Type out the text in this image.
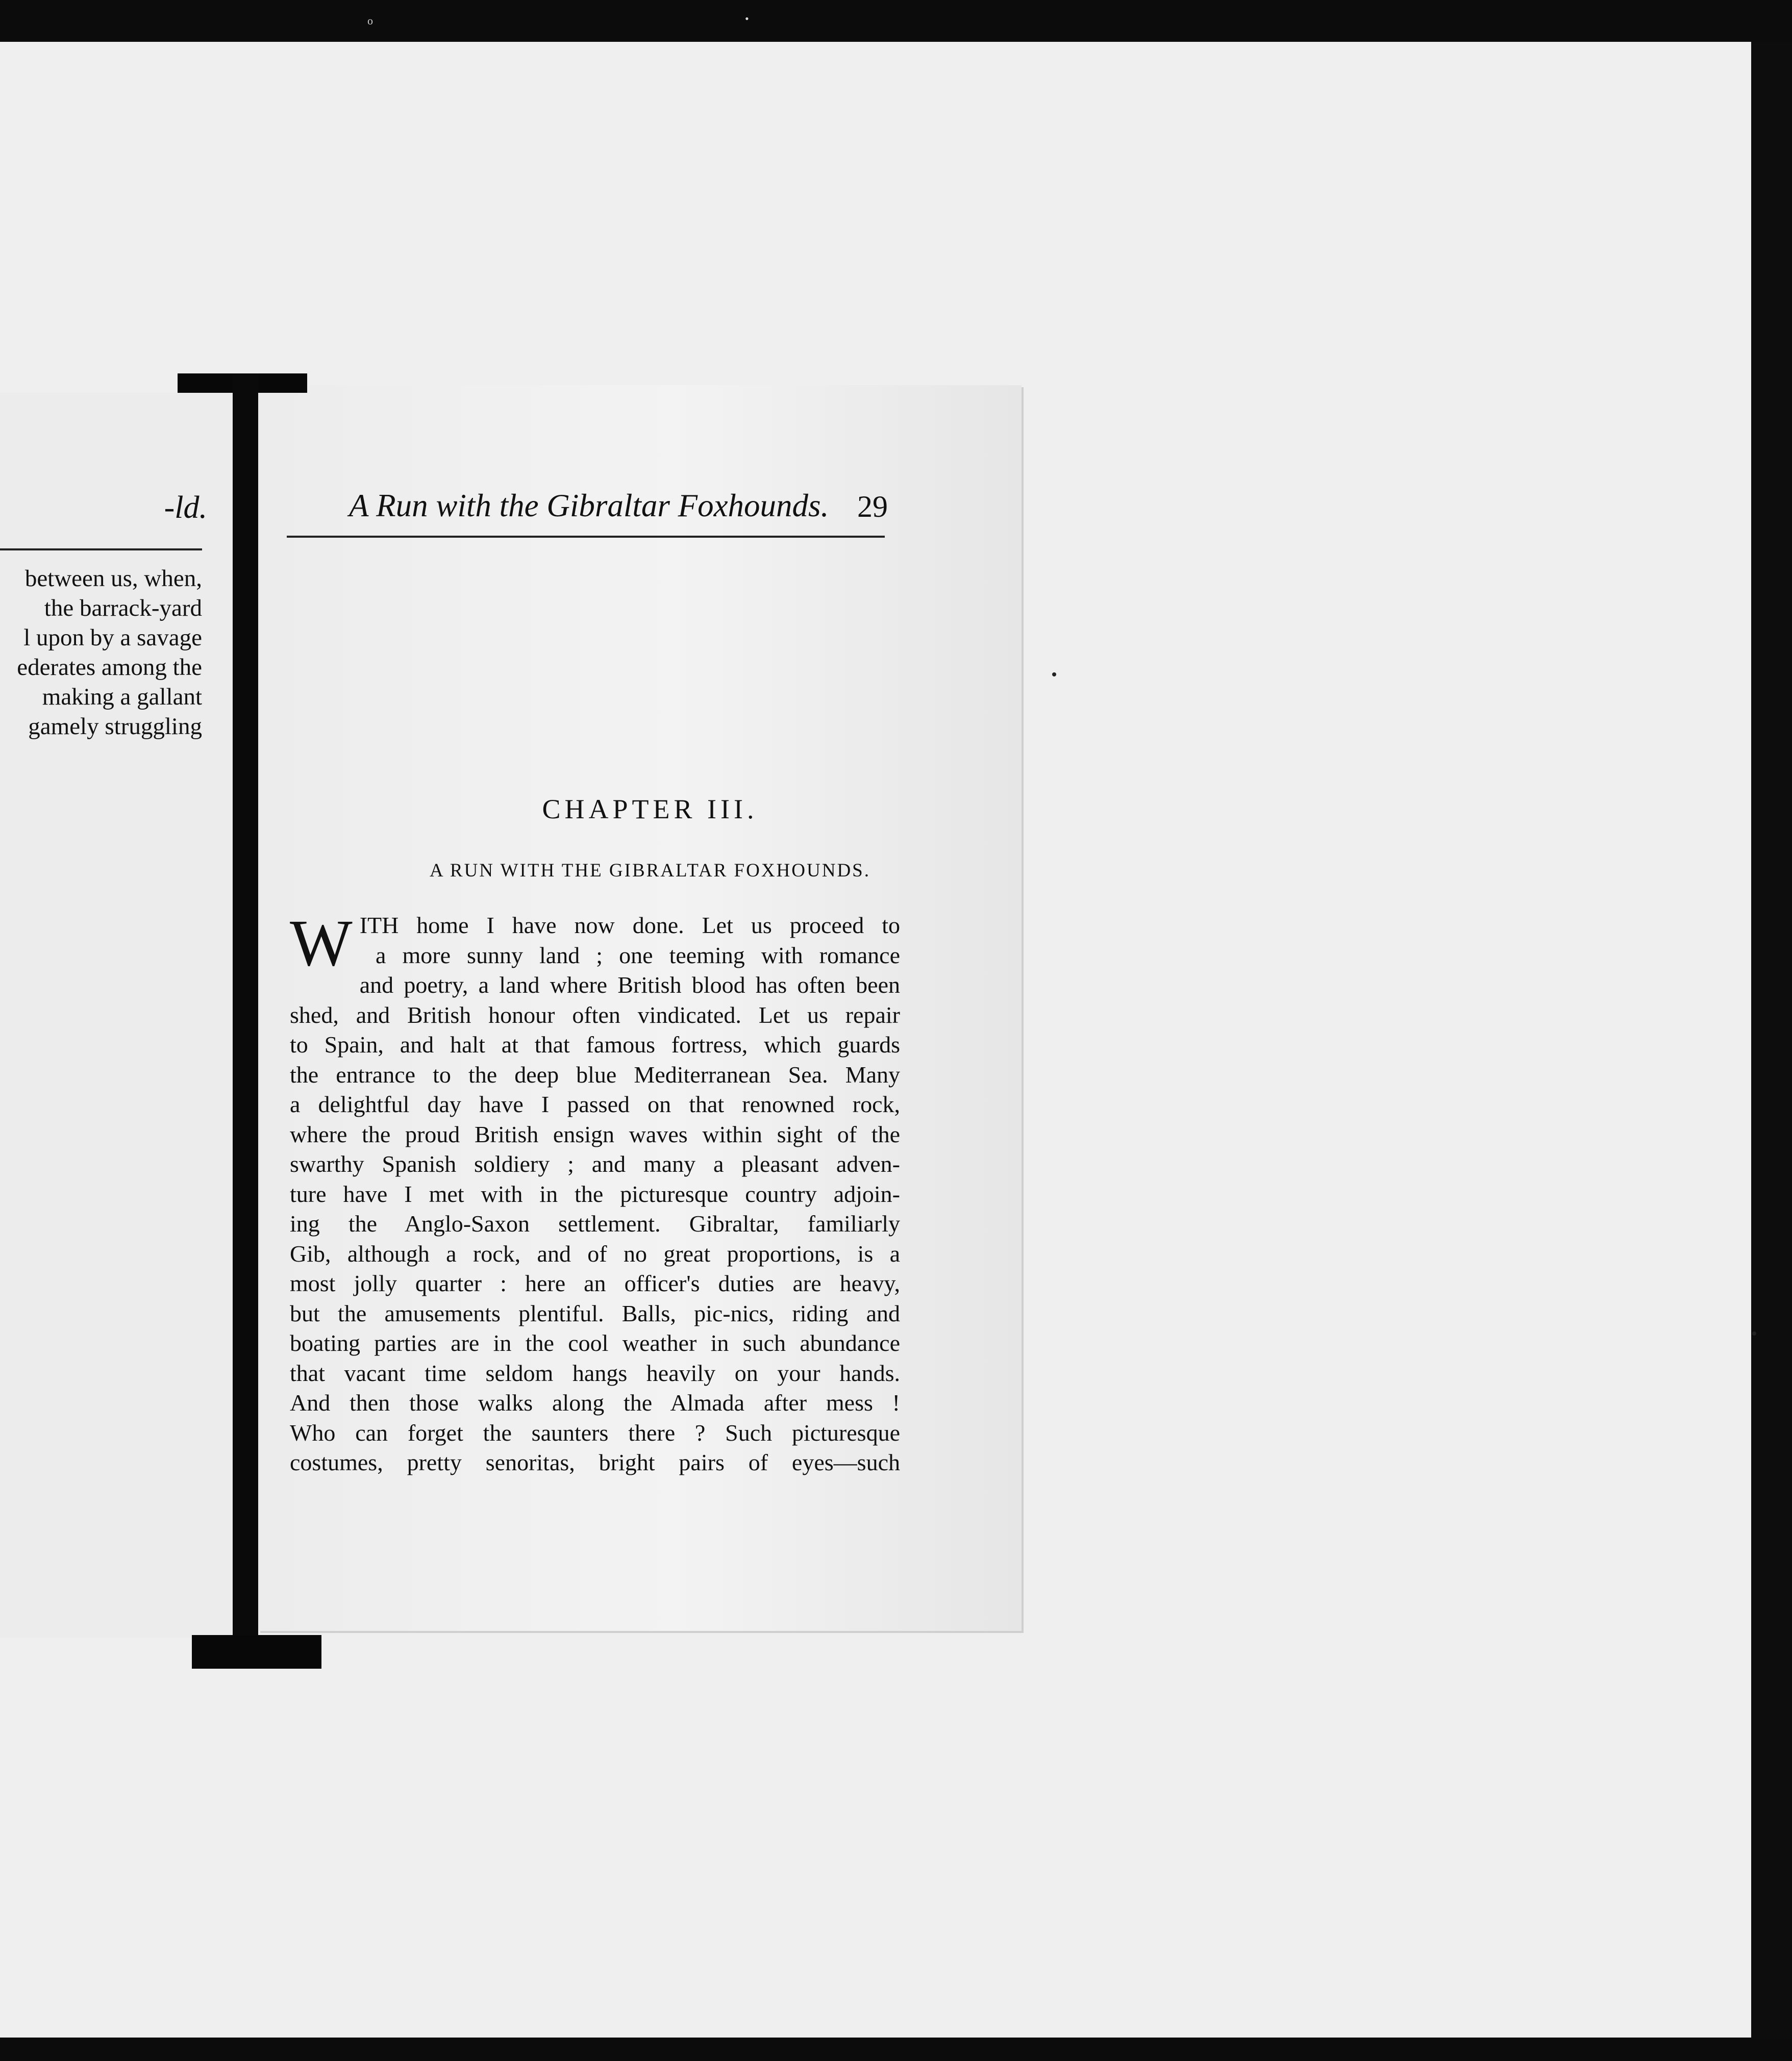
o	•
-ld.
between us, when,
the barrack-yard
l upon by a savage
ederates among the
making a gallant
gamely struggling
A Run with the Gibraltar Foxhounds. 29
CHAPTER III.
A RUN WITH THE GIBRALTAR FOXHOUNDS.
W ITH home I have now done. Let us proceed to
a more sunny land ; one teeming with romance
and poetry, a land where British blood has often been
shed, and British honour often vindicated. Let us repair
to Spain, and halt at that famous fortress, which guards
the entrance to the deep blue Mediterranean Sea. Many
a delightful day have I passed on that renowned rock,
where the proud British ensign waves within sight of the
swarthy Spanish soldiery ; and many a pleasant adven-
ture have I met with in the picturesque country adjoin-
ing the Anglo-Saxon settlement. Gibraltar, familiarly
Gib, although a rock, and of no great proportions, is a
most jolly quarter : here an officer's duties are heavy,
but the amusements plentiful. Balls, pic-nics, riding and
boating parties are in the cool weather in such abundance
that vacant time seldom hangs heavily on your hands.
And then those walks along the Almada after mess !
Who can forget the saunters there ? Such picturesque
costumes, pretty senoritas, bright pairs of eyes—such
